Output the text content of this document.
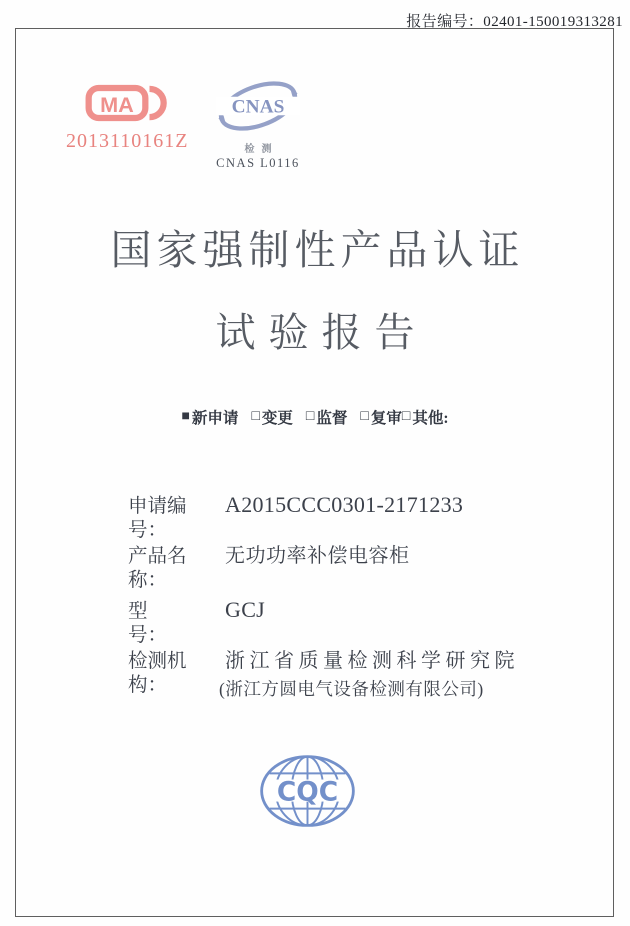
报告编号：02401-150019313281
MA
2013110161Z
CNAS
检测
CNAS L0116
国家强制性产品认证
试验报告
■ 新申请 □ 变更 □ 监督 □ 复审 □ 其他:
申请编号：
A2015CCC0301-2171233
产品名称：
无功功率补偿电容柜
型　　号：
GCJ
检测机构：
浙江省质量检测科学研究院
(浙江方圆电气设备检测有限公司)
CQC
